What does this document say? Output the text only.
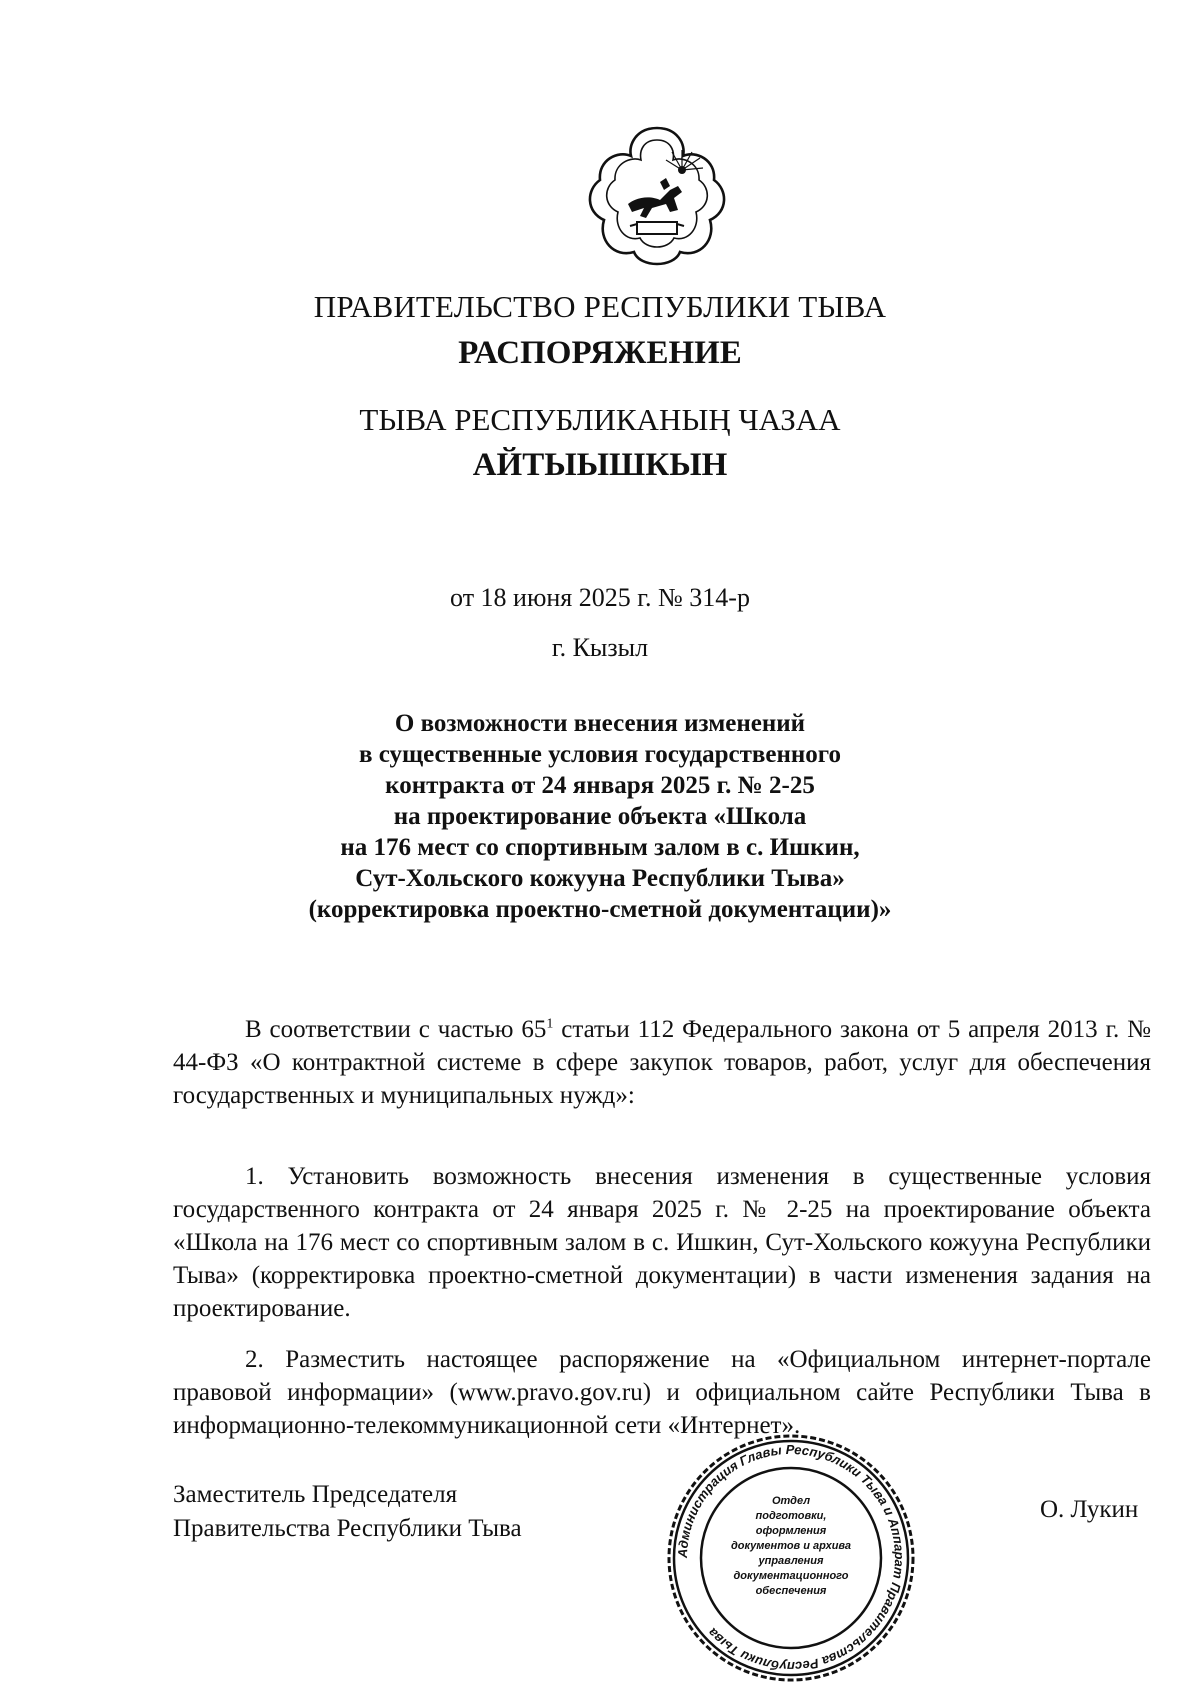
ПРАВИТЕЛЬСТВО РЕСПУБЛИКИ ТЫВА
РАСПОРЯЖЕНИЕ
ТЫВА РЕСПУБЛИКАНЫҢ ЧАЗАА
АЙТЫЫШКЫН
от 18 июня 2025 г. № 314-р
г. Кызыл
О возможности внесения изменений
в существенные условия государственного
контракта от 24 января 2025 г. № 2-25
на проектирование объекта «Школа
на 176 мест со спортивным залом в с. Ишкин,
Сут-Хольского кожууна Республики Тыва»
(корректировка проектно-сметной документации)»

В соответствии с частью $65^1$ статьи 112 Федерального закона от 5 апреля 2013 г. № 44-ФЗ «О контрактной системе в сфере закупок товаров, работ, услуг для обеспечения государственных и муниципальных нужд»:

1. Установить возможность внесения изменения в существенные условия государственного контракта от 24 января 2025 г. № 2-25 на проектирование объекта «Школа на 176 мест со спортивным залом в с. Ишкин, Сут-Хольского кожууна Республики Тыва» (корректировка проектно-сметной документации) в части изменения задания на проектирование.

2. Разместить настоящее распоряжение на «Официальном интернет-портале правовой информации» (www.pravo.gov.ru) и официальном сайте Республики Тыва в информационно-телекоммуникационной сети «Интернет».

Заместитель Председателя
Правительства Республики Тыва
О. Лукин
Администрация Главы Республики Тыва и Аппарат Правительства Республики Тыва
Отдел
подготовки,
оформления
документов и архива
управления
документационного
обеспечения
